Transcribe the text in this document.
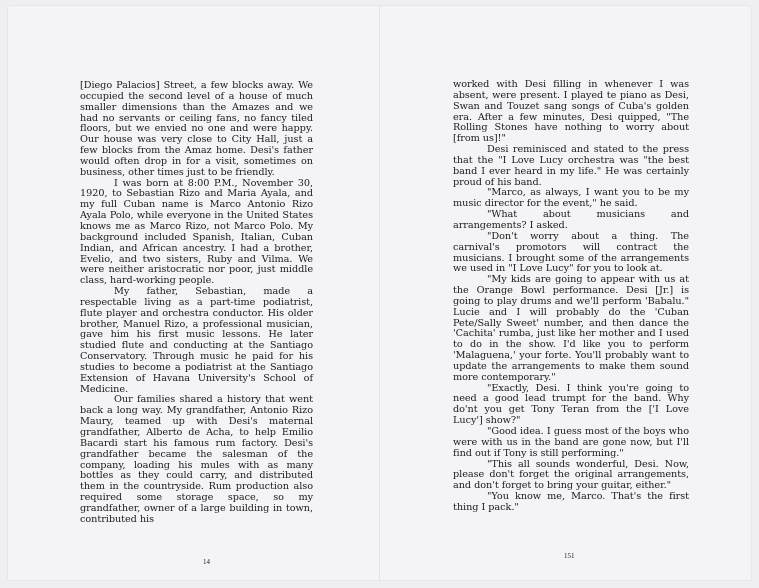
[Diego Palacios] Street, a few blocks away. We occupied the second level of a house of much smaller dimensions than the Amazes and we had no servants or ceiling fans, no fancy tiled floors, but we envied no one and were happy. Our house was very close to City Hall, just a few blocks from the Amaz home. Desi's father would often drop in for a visit, sometimes on business, other times just to be friendly.

I was born at 8:00 P.M., November 30, 1920, to Sebastian Rizo and Maria Ayala, and my full Cuban name is Marco Antonio Rizo Ayala Polo, while everyone in the United States knows me as Marco Rizo, not Marco Polo. My background included Spanish, Italian, Cuban Indian, and African ancestry. I had a brother, Evelio, and two sisters, Ruby and Vilma. We were neither aristocratic nor poor, just middle class, hard-working people.

My father, Sebastian, made a respectable living as a part-time podiatrist, flute player and orchestra conductor. His older brother, Manuel Rizo, a professional musician, gave him his first music lessons. He later studied flute and conducting at the Santiago Conservatory. Through music he paid for his studies to become a podiatrist at the Santiago Extension of Havana University's School of Medicine.

Our families shared a history that went back a long way. My grandfather, Antonio Rizo Maury, teamed up with Desi's maternal grandfather, Alberto de Acha, to help Emilio Bacardi start his famous rum factory. Desi's grandfather became the salesman of the company, loading his mules with as many bottles as they could carry, and distributed them in the countryside. Rum production also required some storage space, so my grandfather, owner of a large building in town, contributed his

14

worked with Desi filling in whenever I was absent, were present. I played te piano as Desi, Swan and Touzet sang songs of Cuba's golden era. After a few minutes, Desi quipped, "The Rolling Stones have nothing to worry about [from us]!"

Desi reminisced and stated to the press that the "I Love Lucy orchestra was "the best band I ever heard in my life." He was certainly proud of his band.

"Marco, as always, I want you to be my music director for the event," he said.

"What about musicians and arrangements? I asked.

"Don't worry about a thing. The carnival's promotors will contract the musicians. I brought some of the arrangements we used in "I Love Lucy" for you to look at.

"My kids are going to appear with us at the Orange Bowl performance. Desi [Jr.] is going to play drums and we'll perform 'Babalu." Lucie and I will probably do the 'Cuban Pete/Sally Sweet' number, and then dance the 'Cachita' rumba, just like her mother and I used to do in the show. I'd like you to perform 'Malaguena,' your forte. You'll probably want to update the arrangements to make them sound more contemporary."

"Exactly, Desi. I think you're going to need a good lead trumpt for the band. Why do'nt you get Tony Teran from the ['I Love Lucy'] show?"

"Good idea. I guess most of the boys who were with us in the band are gone now, but I'll find out if Tony is still performing."

"This all sounds wonderful, Desi. Now, please don't forget the original arrangements, and don't forget to bring your guitar, either."

"You know me, Marco. That's the first thing I pack."

151
